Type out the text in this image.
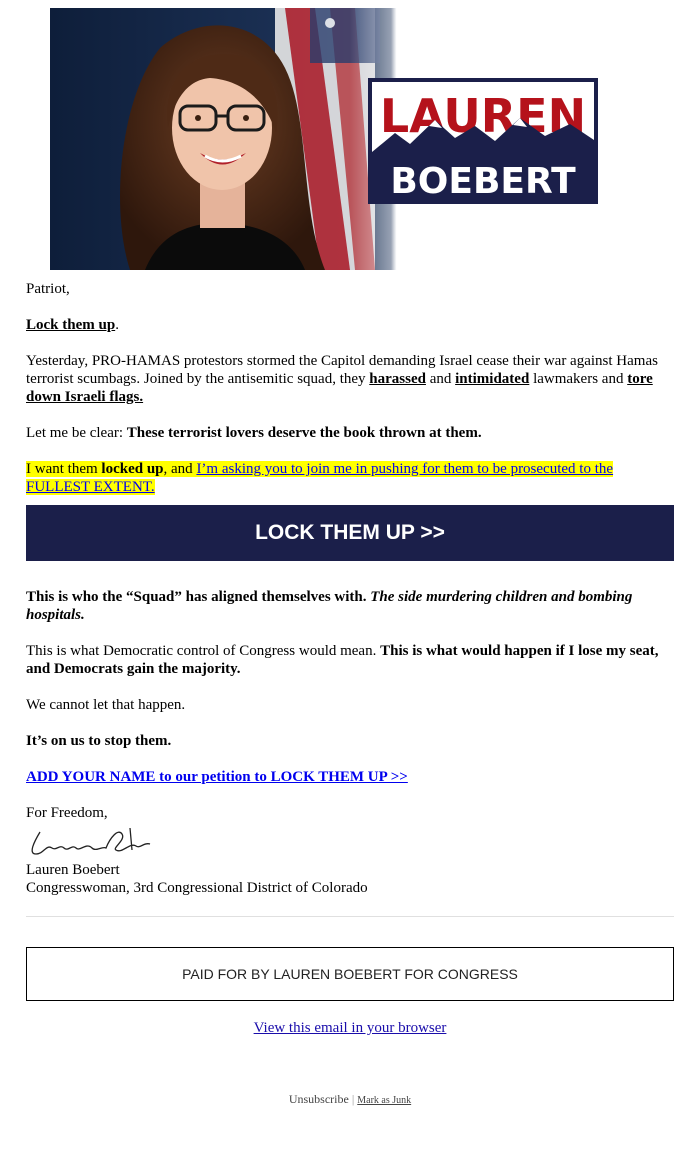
LAUREN
BOEBERT

Patriot,

Lock them up.

Yesterday, PRO-HAMAS protestors stormed the Capitol demanding Israel cease their war against Hamas terrorist scumbags. Joined by the antisemitic squad, they harassed and intimidated lawmakers and tore down Israeli flags.

Let me be clear: These terrorist lovers deserve the book thrown at them.

I want them locked up, and I’m asking you to join me in pushing for them to be prosecuted to the FULLEST EXTENT.

LOCK THEM UP >>

This is who the “Squad” has aligned themselves with. The side murdering children and bombing hospitals.

This is what Democratic control of Congress would mean. This is what would happen if I lose my seat, and Democrats gain the majority.

We cannot let that happen.

It’s on us to stop them.

ADD YOUR NAME to our petition to LOCK THEM UP >>

For Freedom,

Lauren Boebert

Congresswoman, 3rd Congressional District of Colorado

PAID FOR BY LAUREN BOEBERT FOR CONGRESS
View this email in your browser
Unsubscribe | Mark as Junk
